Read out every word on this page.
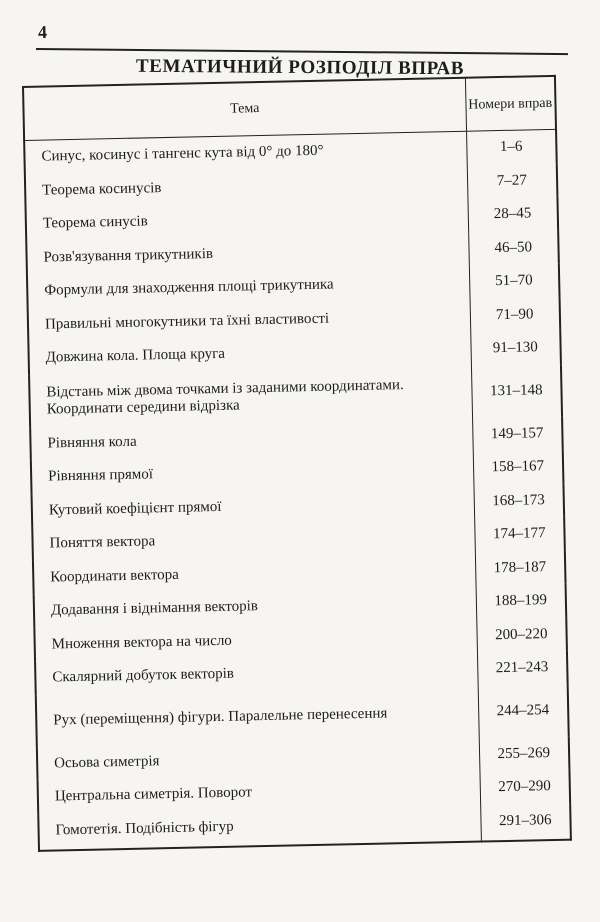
4
ТЕМАТИЧНИЙ РОЗПОДІЛ ВПРАВ
Тема	Номери вправ
Синус, косинус і тангенс кута від 0° до 180°	1–6
Теорема косинусів	7–27
Теорема синусів	28–45
Розв'язування трикутників	46–50
Формули для знаходження площі трикутника	51–70
Правильні многокутники та їхні властивості	71–90
Довжина кола. Площа круга	91–130
Відстань між двома точками із заданими координатами. Координати середини відрізка	131–148
Рівняння кола	149–157
Рівняння прямої	158–167
Кутовий коефіцієнт прямої	168–173
Поняття вектора	174–177
Координати вектора	178–187
Додавання і віднімання векторів	188–199
Множення вектора на число	200–220
Скалярний добуток векторів	221–243
Рух (переміщення) фігури. Паралельне перенесення	244–254
Осьова симетрія	255–269
Центральна симетрія. Поворот	270–290
Гомотетія. Подібність фігур	291–306
